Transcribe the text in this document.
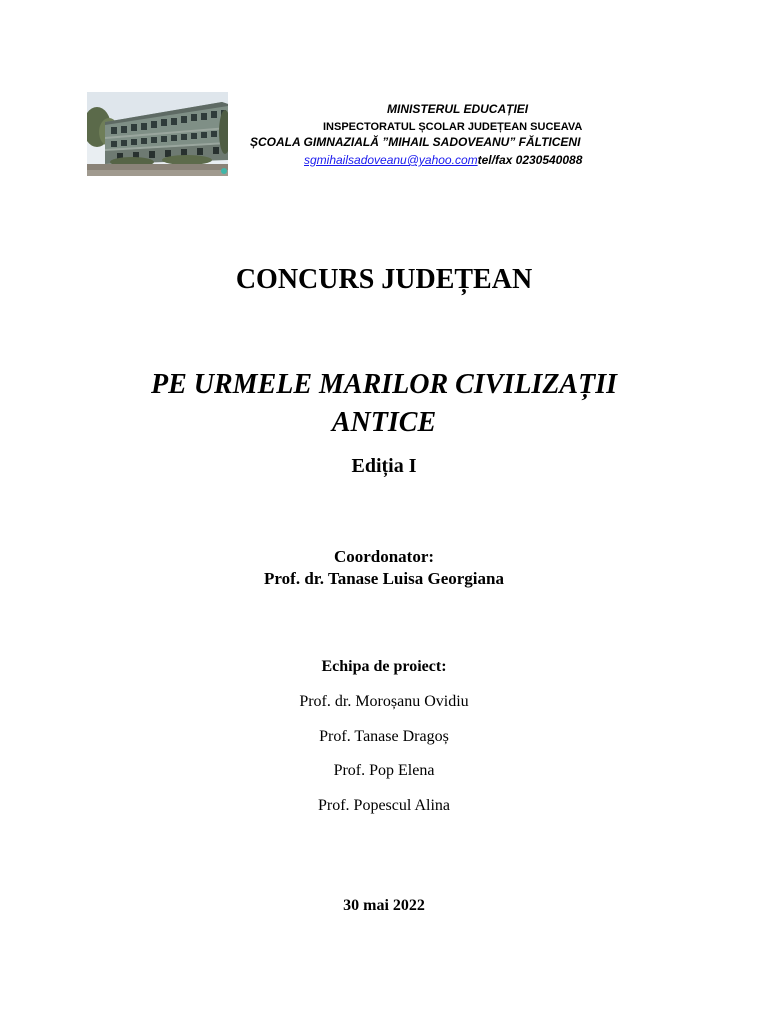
MINISTERUL EDUCAȚIEI
INSPECTORATUL ȘCOLAR JUDEȚEAN SUCEAVA
ȘCOALA GIMNAZIALĂ ”MIHAIL SADOVEANU” FĂLTICENI
sgmihailsadoveanu@yahoo.comtel/fax 0230540088
CONCURS JUDEȚEAN
PE URMELE MARILOR CIVILIZAȚII
ANTICE
Ediția I
Coordonator:
Prof. dr. Tanase Luisa Georgiana
Echipa de proiect:
Prof. dr. Moroșanu Ovidiu
Prof. Tanase Dragoș
Prof. Pop Elena
Prof. Popescul Alina
30 mai 2022
